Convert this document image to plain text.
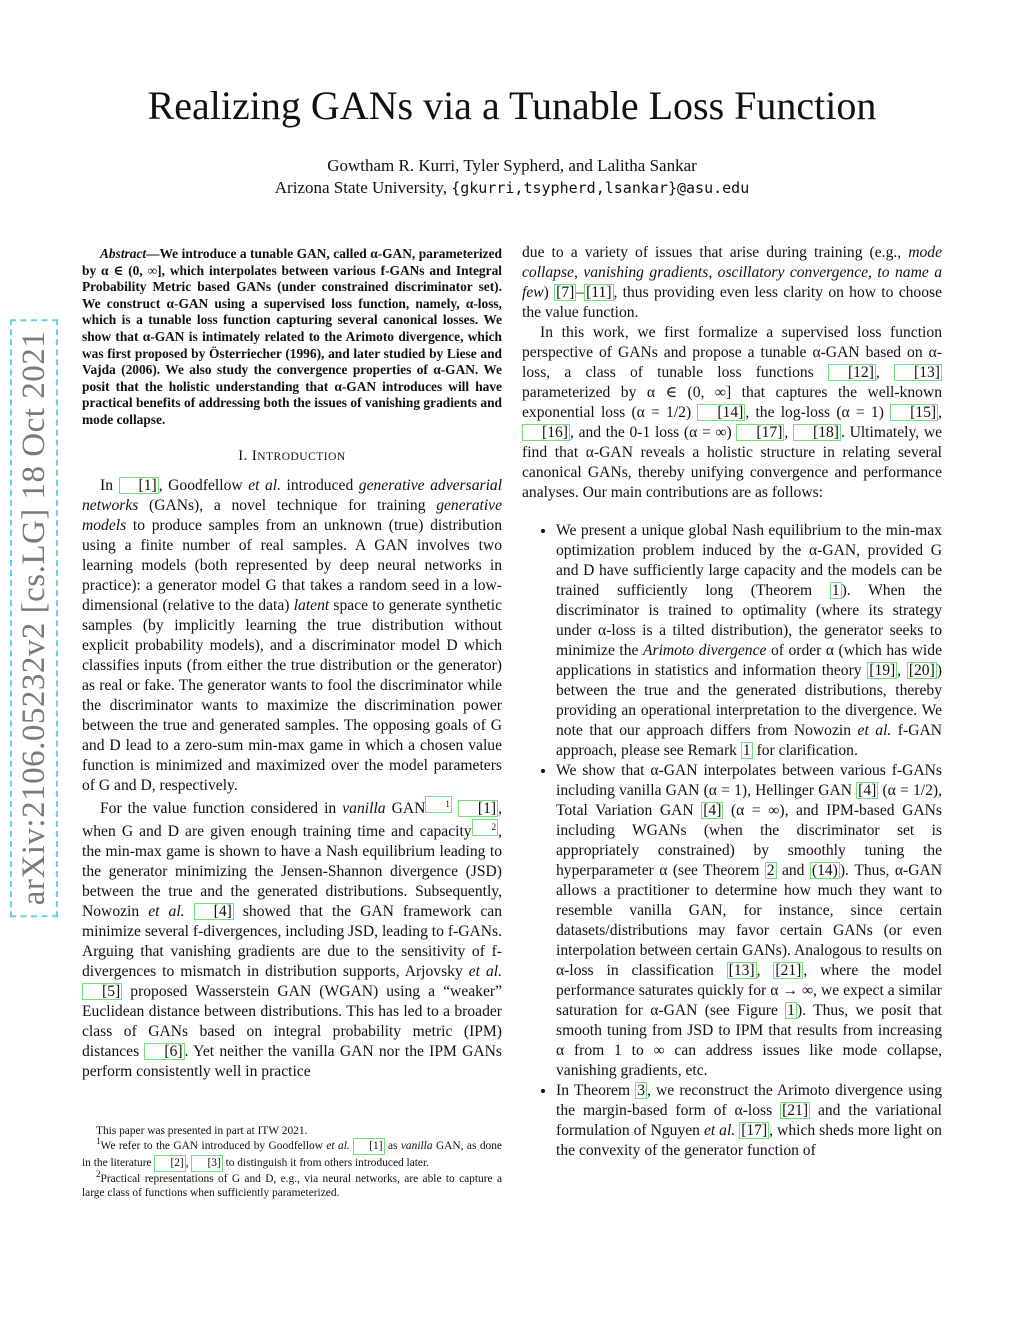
arXiv:2106.05232v2 [cs.LG] 18 Oct 2021
Realizing GANs via a Tunable Loss Function
Gowtham R. Kurri, Tyler Sypherd, and Lalitha Sankar
Arizona State University, {gkurri,tsypherd,lsankar}@asu.edu

Abstract—We introduce a tunable GAN, called α-GAN, parameterized by α ∈ (0, ∞], which interpolates between various f-GANs and Integral Probability Metric based GANs (under constrained discriminator set). We construct α-GAN using a supervised loss function, namely, α-loss, which is a tunable loss function capturing several canonical losses. We show that α-GAN is intimately related to the Arimoto divergence, which was first proposed by Österriecher (1996), and later studied by Liese and Vajda (2006). We also study the convergence properties of α-GAN. We posit that the holistic understanding that α-GAN introduces will have practical benefits of addressing both the issues of vanishing gradients and mode collapse.

I. INTRODUCTION

In [1] , Goodfellow et al. introduced generative adversarial networks (GANs), a novel technique for training generative models to produce samples from an unknown (true) distribution using a finite number of real samples. A GAN involves two learning models (both represented by deep neural networks in practice): a generator model G that takes a random seed in a low-dimensional (relative to the data) latent space to generate synthetic samples (by implicitly learning the true distribution without explicit probability models), and a discriminator model D which classifies inputs (from either the true distribution or the generator) as real or fake. The generator wants to fool the discriminator while the discriminator wants to maximize the discrimination power between the true and generated samples. The opposing goals of G and D lead to a zero-sum min-max game in which a chosen value function is minimized and maximized over the model parameters of G and D, respectively.

For the value function considered in vanilla GAN $^1$ [1] , when G and D are given enough training time and capacity $^2$ , the min-max game is shown to have a Nash equilibrium leading to the generator minimizing the Jensen-Shannon divergence (JSD) between the true and the generated distributions. Subsequently, Nowozin et al. [4] showed that the GAN framework can minimize several f-divergences, including JSD, leading to f-GANs. Arguing that vanishing gradients are due to the sensitivity of f-divergences to mismatch in distribution supports, Arjovsky et al. [5] proposed Wasserstein GAN (WGAN) using a “weaker” Euclidean distance between distributions. This has led to a broader class of GANs based on integral probability metric (IPM) distances [6] . Yet neither the vanilla GAN nor the IPM GANs perform consistently well in practice

This paper was presented in part at ITW 2021.

$^1$We refer to the GAN introduced by Goodfellow et al. [1] as vanilla GAN, as done in the literature [2] , [3] to distinguish it from others introduced later.

$^2$Practical representations of G and D, e.g., via neural networks, are able to capture a large class of functions when sufficiently parameterized.

due to a variety of issues that arise during training (e.g., mode collapse, vanishing gradients, oscillatory convergence, to name a few) [7] – [11] , thus providing even less clarity on how to choose the value function.

In this work, we first formalize a supervised loss function perspective of GANs and propose a tunable α-GAN based on α-loss, a class of tunable loss functions [12] , [13] parameterized by α ∈ (0, ∞] that captures the well-known exponential loss (α = 1/2) [14] , the log-loss (α = 1) [15] , [16] , and the 0-1 loss (α = ∞) [17] , [18] . Ultimately, we find that α-GAN reveals a holistic structure in relating several canonical GANs, thereby unifying convergence and performance analyses. Our main contributions are as follows:

• We present a unique global Nash equilibrium to the min-max optimization problem induced by the α-GAN, provided G and D have sufficiently large capacity and the models can be trained sufficiently long (Theorem 1 ). When the discriminator is trained to optimality (where its strategy under α-loss is a tilted distribution), the generator seeks to minimize the Arimoto divergence of order α (which has wide applications in statistics and information theory [19] , [20] ) between the true and the generated distributions, thereby providing an operational interpretation to the divergence. We note that our approach differs from Nowozin et al. f-GAN approach, please see Remark 1 for clarification.
• We show that α-GAN interpolates between various f-GANs including vanilla GAN (α = 1), Hellinger GAN [4] (α = 1/2), Total Variation GAN [4] (α = ∞), and IPM-based GANs including WGANs (when the discriminator set is appropriately constrained) by smoothly tuning the hyperparameter α (see Theorem 2 and (14) ). Thus, α-GAN allows a practitioner to determine how much they want to resemble vanilla GAN, for instance, since certain datasets/distributions may favor certain GANs (or even interpolation between certain GANs). Analogous to results on α-loss in classification [13] , [21] , where the model performance saturates quickly for α → ∞, we expect a similar saturation for α-GAN (see Figure 1 ). Thus, we posit that smooth tuning from JSD to IPM that results from increasing α from 1 to ∞ can address issues like mode collapse, vanishing gradients, etc.
• In Theorem 3 , we reconstruct the Arimoto divergence using the margin-based form of α-loss [21] and the variational formulation of Nguyen et al. [17] , which sheds more light on the convexity of the generator function of
